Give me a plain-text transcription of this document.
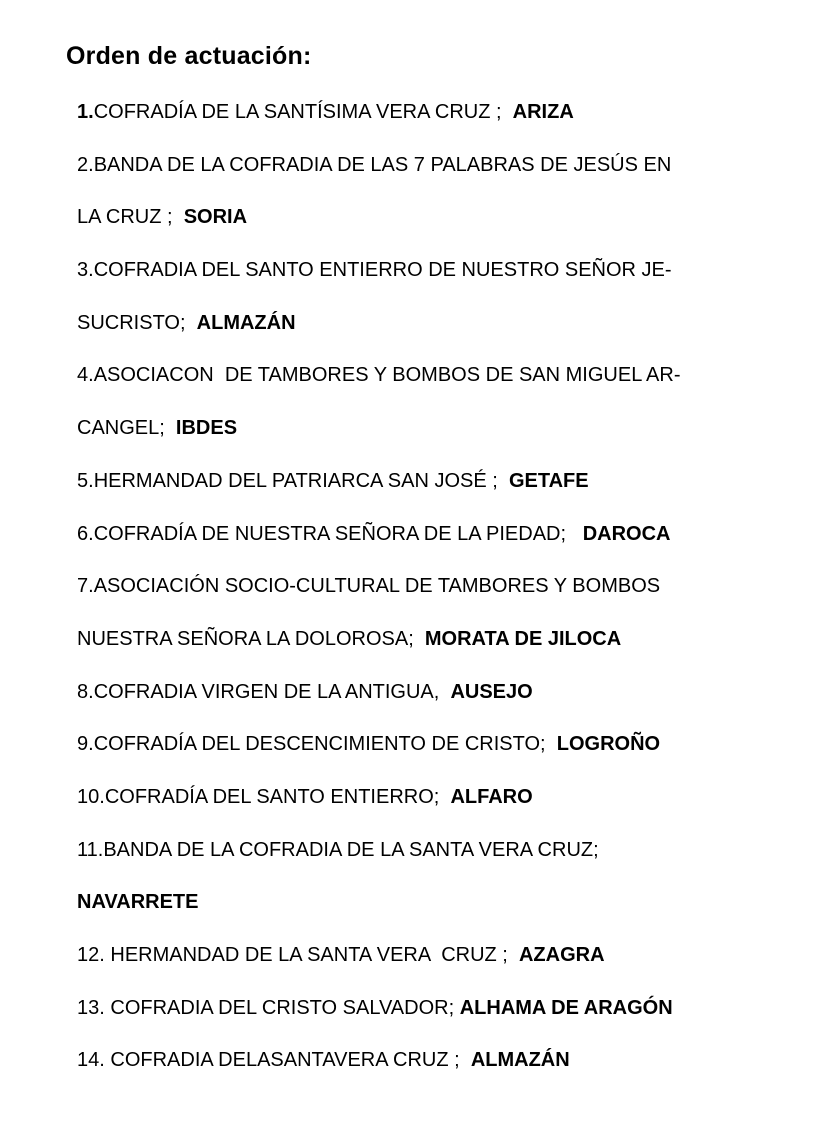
Orden de actuación:
1.COFRADÍA DE LA SANTÍSIMA VERA CRUZ ;  ARIZA
2.BANDA DE LA COFRADIA DE LAS 7 PALABRAS DE JESÚS EN
LA CRUZ ;  SORIA
3.COFRADIA DEL SANTO ENTIERRO DE NUESTRO SEÑOR JE-
SUCRISTO;  ALMAZÁN
4.ASOCIACON  DE TAMBORES Y BOMBOS DE SAN MIGUEL AR-
CANGEL;  IBDES
5.HERMANDAD DEL PATRIARCA SAN JOSÉ ;  GETAFE
6.COFRADÍA DE NUESTRA SEÑORA DE LA PIEDAD;   DAROCA
7.ASOCIACIÓN SOCIO-CULTURAL DE TAMBORES Y BOMBOS
NUESTRA SEÑORA LA DOLOROSA;  MORATA DE JILOCA
8.COFRADIA VIRGEN DE LA ANTIGUA,  AUSEJO
9.COFRADÍA DEL DESCENCIMIENTO DE CRISTO;  LOGROÑO
10.COFRADÍA DEL SANTO ENTIERRO;  ALFARO
11.BANDA DE LA COFRADIA DE LA SANTA VERA CRUZ;
NAVARRETE
12. HERMANDAD DE LA SANTA VERA  CRUZ ;  AZAGRA
13. COFRADIA DEL CRISTO SALVADOR; ALHAMA DE ARAGÓN
14. COFRADIA DELASANTAVERA CRUZ ;  ALMAZÁN
